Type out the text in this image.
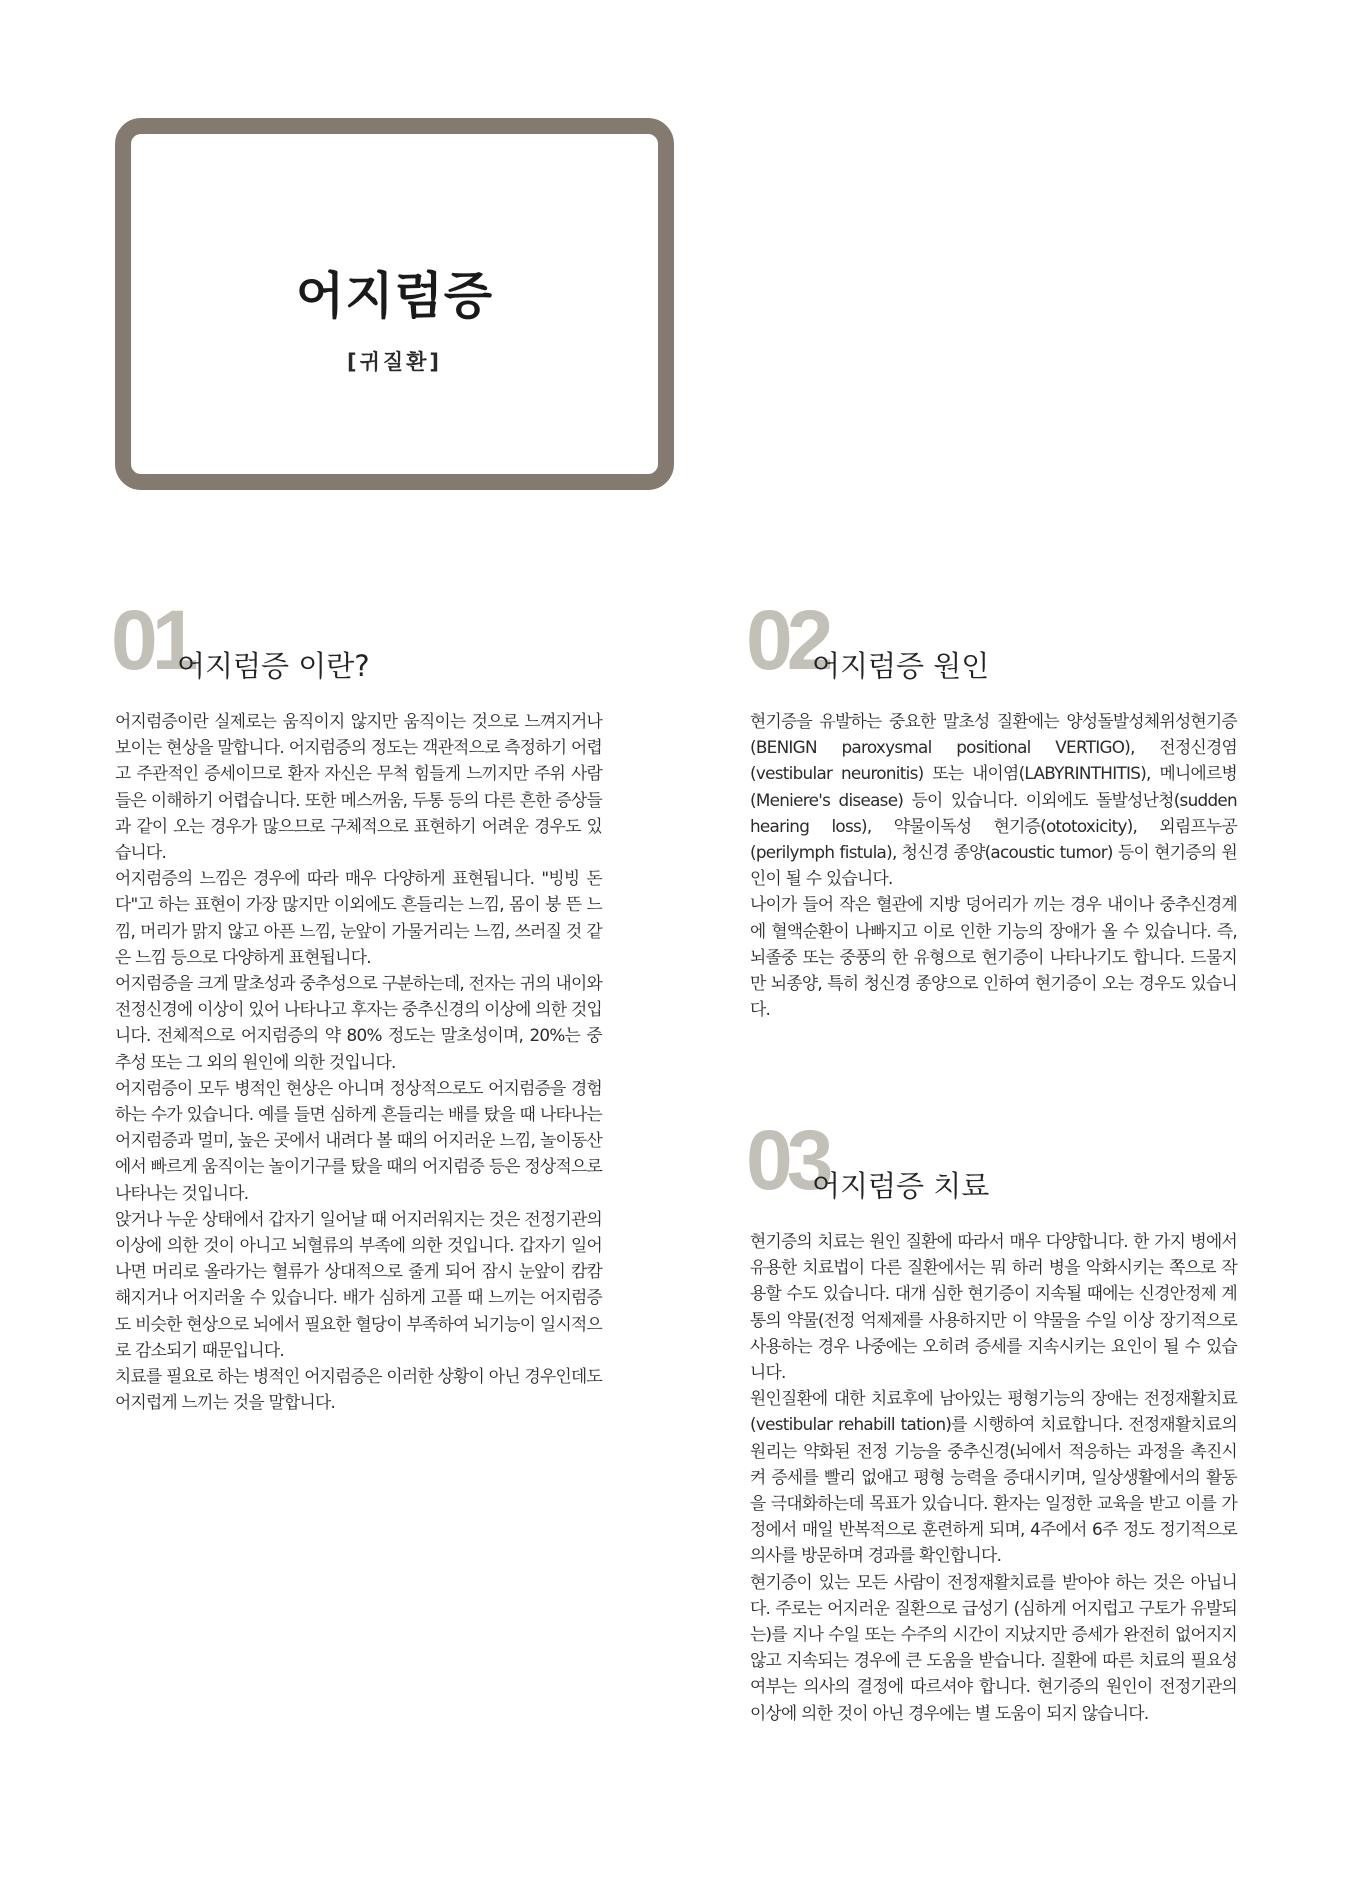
어지럼증
[귀질환]
01
어지럼증 이란?

어지럼증이란 실제로는 움직이지 않지만 움직이는 것으로 느껴지거나 보이는 현상을 말합니다. 어지럼증의 정도는 객관적으로 측정하기 어렵고 주관적인 증세이므로 환자 자신은 무척 힘들게 느끼지만 주위 사람들은 이해하기 어렵습니다. 또한 메스꺼움, 두통 등의 다른 흔한 증상들과 같이 오는 경우가 많으므로 구체적으로 표현하기 어려운 경우도 있습니다.

어지럼증의 느낌은 경우에 따라 매우 다양하게 표현됩니다. "빙빙 돈다"고 하는 표현이 가장 많지만 이외에도 흔들리는 느낌, 몸이 붕 뜬 느낌, 머리가 맑지 않고 아픈 느낌, 눈앞이 가물거리는 느낌, 쓰러질 것 같은 느낌 등으로 다양하게 표현됩니다.

어지럼증을 크게 말초성과 중추성으로 구분하는데, 전자는 귀의 내이와 전정신경에 이상이 있어 나타나고 후자는 중추신경의 이상에 의한 것입니다. 전체적으로 어지럼증의 약 80% 정도는 말초성이며, 20%는 중추성 또는 그 외의 원인에 의한 것입니다.

어지럼증이 모두 병적인 현상은 아니며 정상적으로도 어지럼증을 경험하는 수가 있습니다. 예를 들면 심하게 흔들리는 배를 탔을 때 나타나는 어지럼증과 멀미, 높은 곳에서 내려다 볼 때의 어지러운 느낌, 놀이동산에서 빠르게 움직이는 놀이기구를 탔을 때의 어지럼증 등은 정상적으로 나타나는 것입니다.

앉거나 누운 상태에서 갑자기 일어날 때 어지러워지는 것은 전정기관의 이상에 의한 것이 아니고 뇌혈류의 부족에 의한 것입니다. 갑자기 일어나면 머리로 올라가는 혈류가 상대적으로 줄게 되어 잠시 눈앞이 캄캄해지거나 어지러울 수 있습니다. 배가 심하게 고플 때 느끼는 어지럼증도 비슷한 현상으로 뇌에서 필요한 혈당이 부족하여 뇌기능이 일시적으로 감소되기 때문입니다.

치료를 필요로 하는 병적인 어지럼증은 이러한 상황이 아닌 경우인데도 어지럽게 느끼는 것을 말합니다.

02
어지럼증 원인

현기증을 유발하는 중요한 말초성 질환에는 양성돌발성체위성현기증(BENIGN paroxysmal positional VERTIGO), 전정신경염(vestibular neuronitis) 또는 내이염(LABYRINTHITIS), 메니에르병(Meniere's disease) 등이 있습니다. 이외에도 돌발성난청(sudden hearing loss), 약물이독성 현기증(ototoxicity), 외림프누공(perilymph fistula), 청신경 종양(acoustic tumor) 등이 현기증의 원인이 될 수 있습니다.

나이가 들어 작은 혈관에 지방 덩어리가 끼는 경우 내이나 중추신경계에 혈액순환이 나빠지고 이로 인한 기능의 장애가 올 수 있습니다. 즉, 뇌졸중 또는 중풍의 한 유형으로 현기증이 나타나기도 합니다. 드물지만 뇌종양, 특히 청신경 종양으로 인하여 현기증이 오는 경우도 있습니다.

03
어지럼증 치료

현기증의 치료는 원인 질환에 따라서 매우 다양합니다. 한 가지 병에서 유용한 치료법이 다른 질환에서는 뭐 하러 병을 악화시키는 쪽으로 작용할 수도 있습니다. 대개 심한 현기증이 지속될 때에는 신경안정제 계통의 약물(전정 억제제를 사용하지만 이 약물을 수일 이상 장기적으로 사용하는 경우 나중에는 오히려 증세를 지속시키는 요인이 될 수 있습니다.

원인질환에 대한 치료후에 남아있는 평형기능의 장애는 전정재활치료(vestibular rehabill tation)를 시행하여 치료합니다. 전정재활치료의 원리는 약화된 전정 기능을 중추신경(뇌에서 적응하는 과정을 촉진시켜 증세를 빨리 없애고 평형 능력을 증대시키며, 일상생활에서의 활동을 극대화하는데 목표가 있습니다. 환자는 일정한 교육을 받고 이를 가정에서 매일 반복적으로 훈련하게 되며, 4주에서 6주 정도 정기적으로 의사를 방문하며 경과를 확인합니다.

현기증이 있는 모든 사람이 전정재활치료를 받아야 하는 것은 아닙니다. 주로는 어지러운 질환으로 급성기 (심하게 어지럽고 구토가 유발되는)를 지나 수일 또는 수주의 시간이 지났지만 증세가 완전히 없어지지 않고 지속되는 경우에 큰 도움을 받습니다. 질환에 따른 치료의 필요성 여부는 의사의 결정에 따르셔야 합니다. 현기증의 원인이 전정기관의 이상에 의한 것이 아닌 경우에는 별 도움이 되지 않습니다.
